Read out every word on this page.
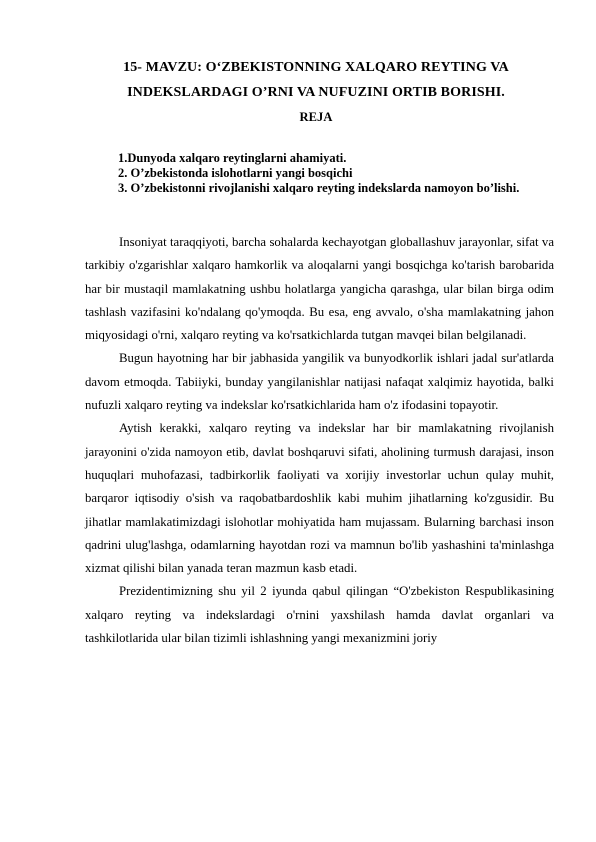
15- MAVZU: O‘ZBEKISTONNING XALQARO REYTING VA
INDEKSLARDAGI O’RNI VA NUFUZINI ORTIB BORISHI.
REJA
1.Dunyoda xalqaro reytinglarni ahamiyati.
2. O’zbekistonda islohotlarni yangi bosqichi
3. O’zbekistonni rivojlanishi xalqaro reyting indekslarda namoyon bo’lishi.

Insoniyat taraqqiyoti, barcha sohalarda kechayotgan globallashuv jarayonlar, sifat va tarkibiy o'zgarishlar xalqaro hamkorlik va aloqalarni yangi bosqichga ko'tarish barobarida har bir mustaqil mamlakatning ushbu holatlarga yangicha qarashga, ular bilan birga odim tashlash vazifasini ko'ndalang qo'ymoqda. Bu esa, eng avvalo, o'sha mamlakatning jahon miqyosidagi o'rni, xalqaro reyting va ko'rsatkichlarda tutgan mavqei bilan belgilanadi.

Bugun hayotning har bir jabhasida yangilik va bunyodkorlik ishlari jadal sur'atlarda davom etmoqda. Tabiiyki, bunday yangilanishlar natijasi nafaqat xalqimiz hayotida, balki nufuzli xalqaro reyting va indekslar ko'rsatkichlarida ham o'z ifodasini topayotir.

Aytish kerakki, xalqaro reyting va indekslar har bir mamlakatning rivojlanish jarayonini o'zida namoyon etib, davlat boshqaruvi sifati, aholining turmush darajasi, inson huquqlari muhofazasi, tadbirkorlik faoliyati va xorijiy investorlar uchun qulay muhit, barqaror iqtisodiy o'sish va raqobatbardoshlik kabi muhim jihatlarning ko'zgusidir. Bu jihatlar mamlakatimizdagi islohotlar mohiyatida ham mujassam. Bularning barchasi inson qadrini ulug'lashga, odamlarning hayotdan rozi va mamnun bo'lib yashashini ta'minlashga xizmat qilishi bilan yanada teran mazmun kasb etadi.

Prezidentimizning shu yil 2 iyunda qabul qilingan “O'zbekiston Respublikasining xalqaro reyting va indekslardagi o'rnini yaxshilash hamda davlat organlari va tashkilotlarida ular bilan tizimli ishlashning yangi mexanizmini joriy
